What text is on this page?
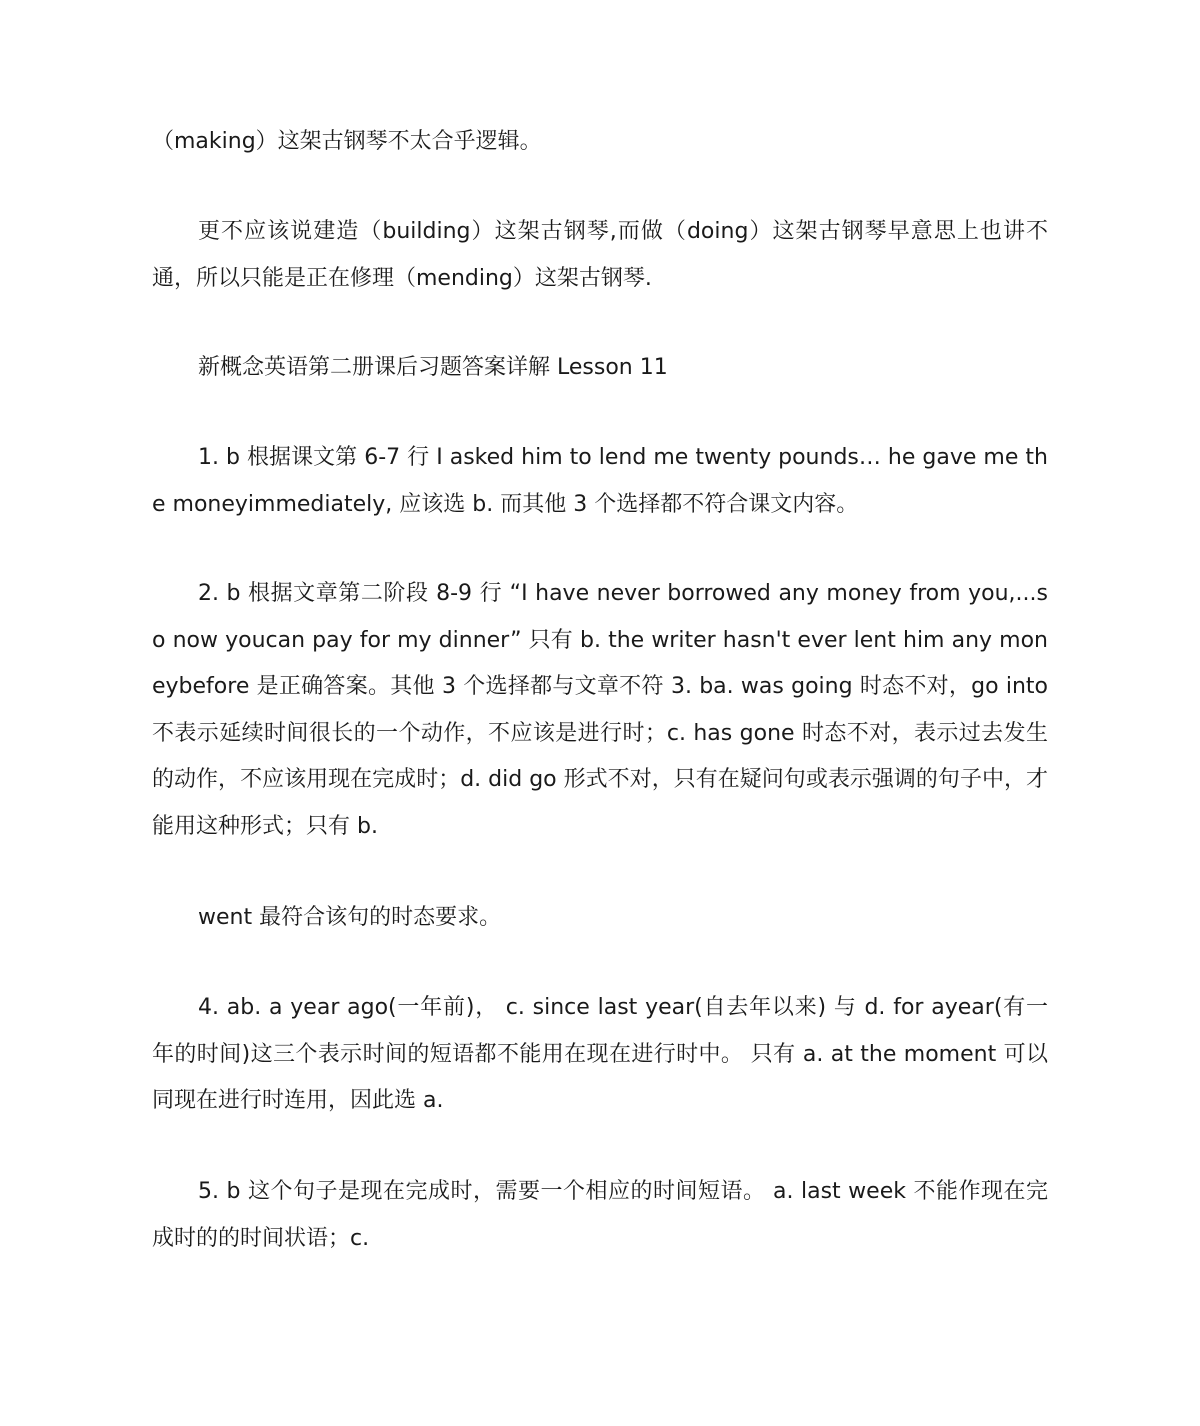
（making）这架古钢琴不太合乎逻辑。

更不应该说建造（building）这架古钢琴,而做（doing）这架古钢琴早意思上也讲不通，所以只能是正在修理（mending）这架古钢琴.

新概念英语第二册课后习题答案详解 Lesson 11

1. b 根据课文第 6-7 行 I asked him to lend me twenty pounds… he gave me the moneyimmediately, 应该选 b. 而其他 3 个选择都不符合课文内容。

2. b 根据文章第二阶段 8-9 行 “I have never borrowed any money from you,...so now youcan pay for my dinner” 只有 b. the writer hasn't ever lent him any moneybefore 是正确答案。其他 3 个选择都与文章不符 3. ba. was going 时态不对，go into 不表示延续时间很长的一个动作，不应该是进行时；c. has gone 时态不对，表示过去发生的动作，不应该用现在完成时；d. did go 形式不对，只有在疑问句或表示强调的句子中，才能用这种形式；只有 b.

went 最符合该句的时态要求。

4. ab. a year ago(一年前)， c. since last year(自去年以来) 与 d. for ayear(有一年的时间)这三个表示时间的短语都不能用在现在进行时中。 只有 a. at the moment 可以同现在进行时连用，因此选 a.

5. b 这个句子是现在完成时，需要一个相应的时间短语。 a. last week 不能作现在完成时的的时间状语；c.
